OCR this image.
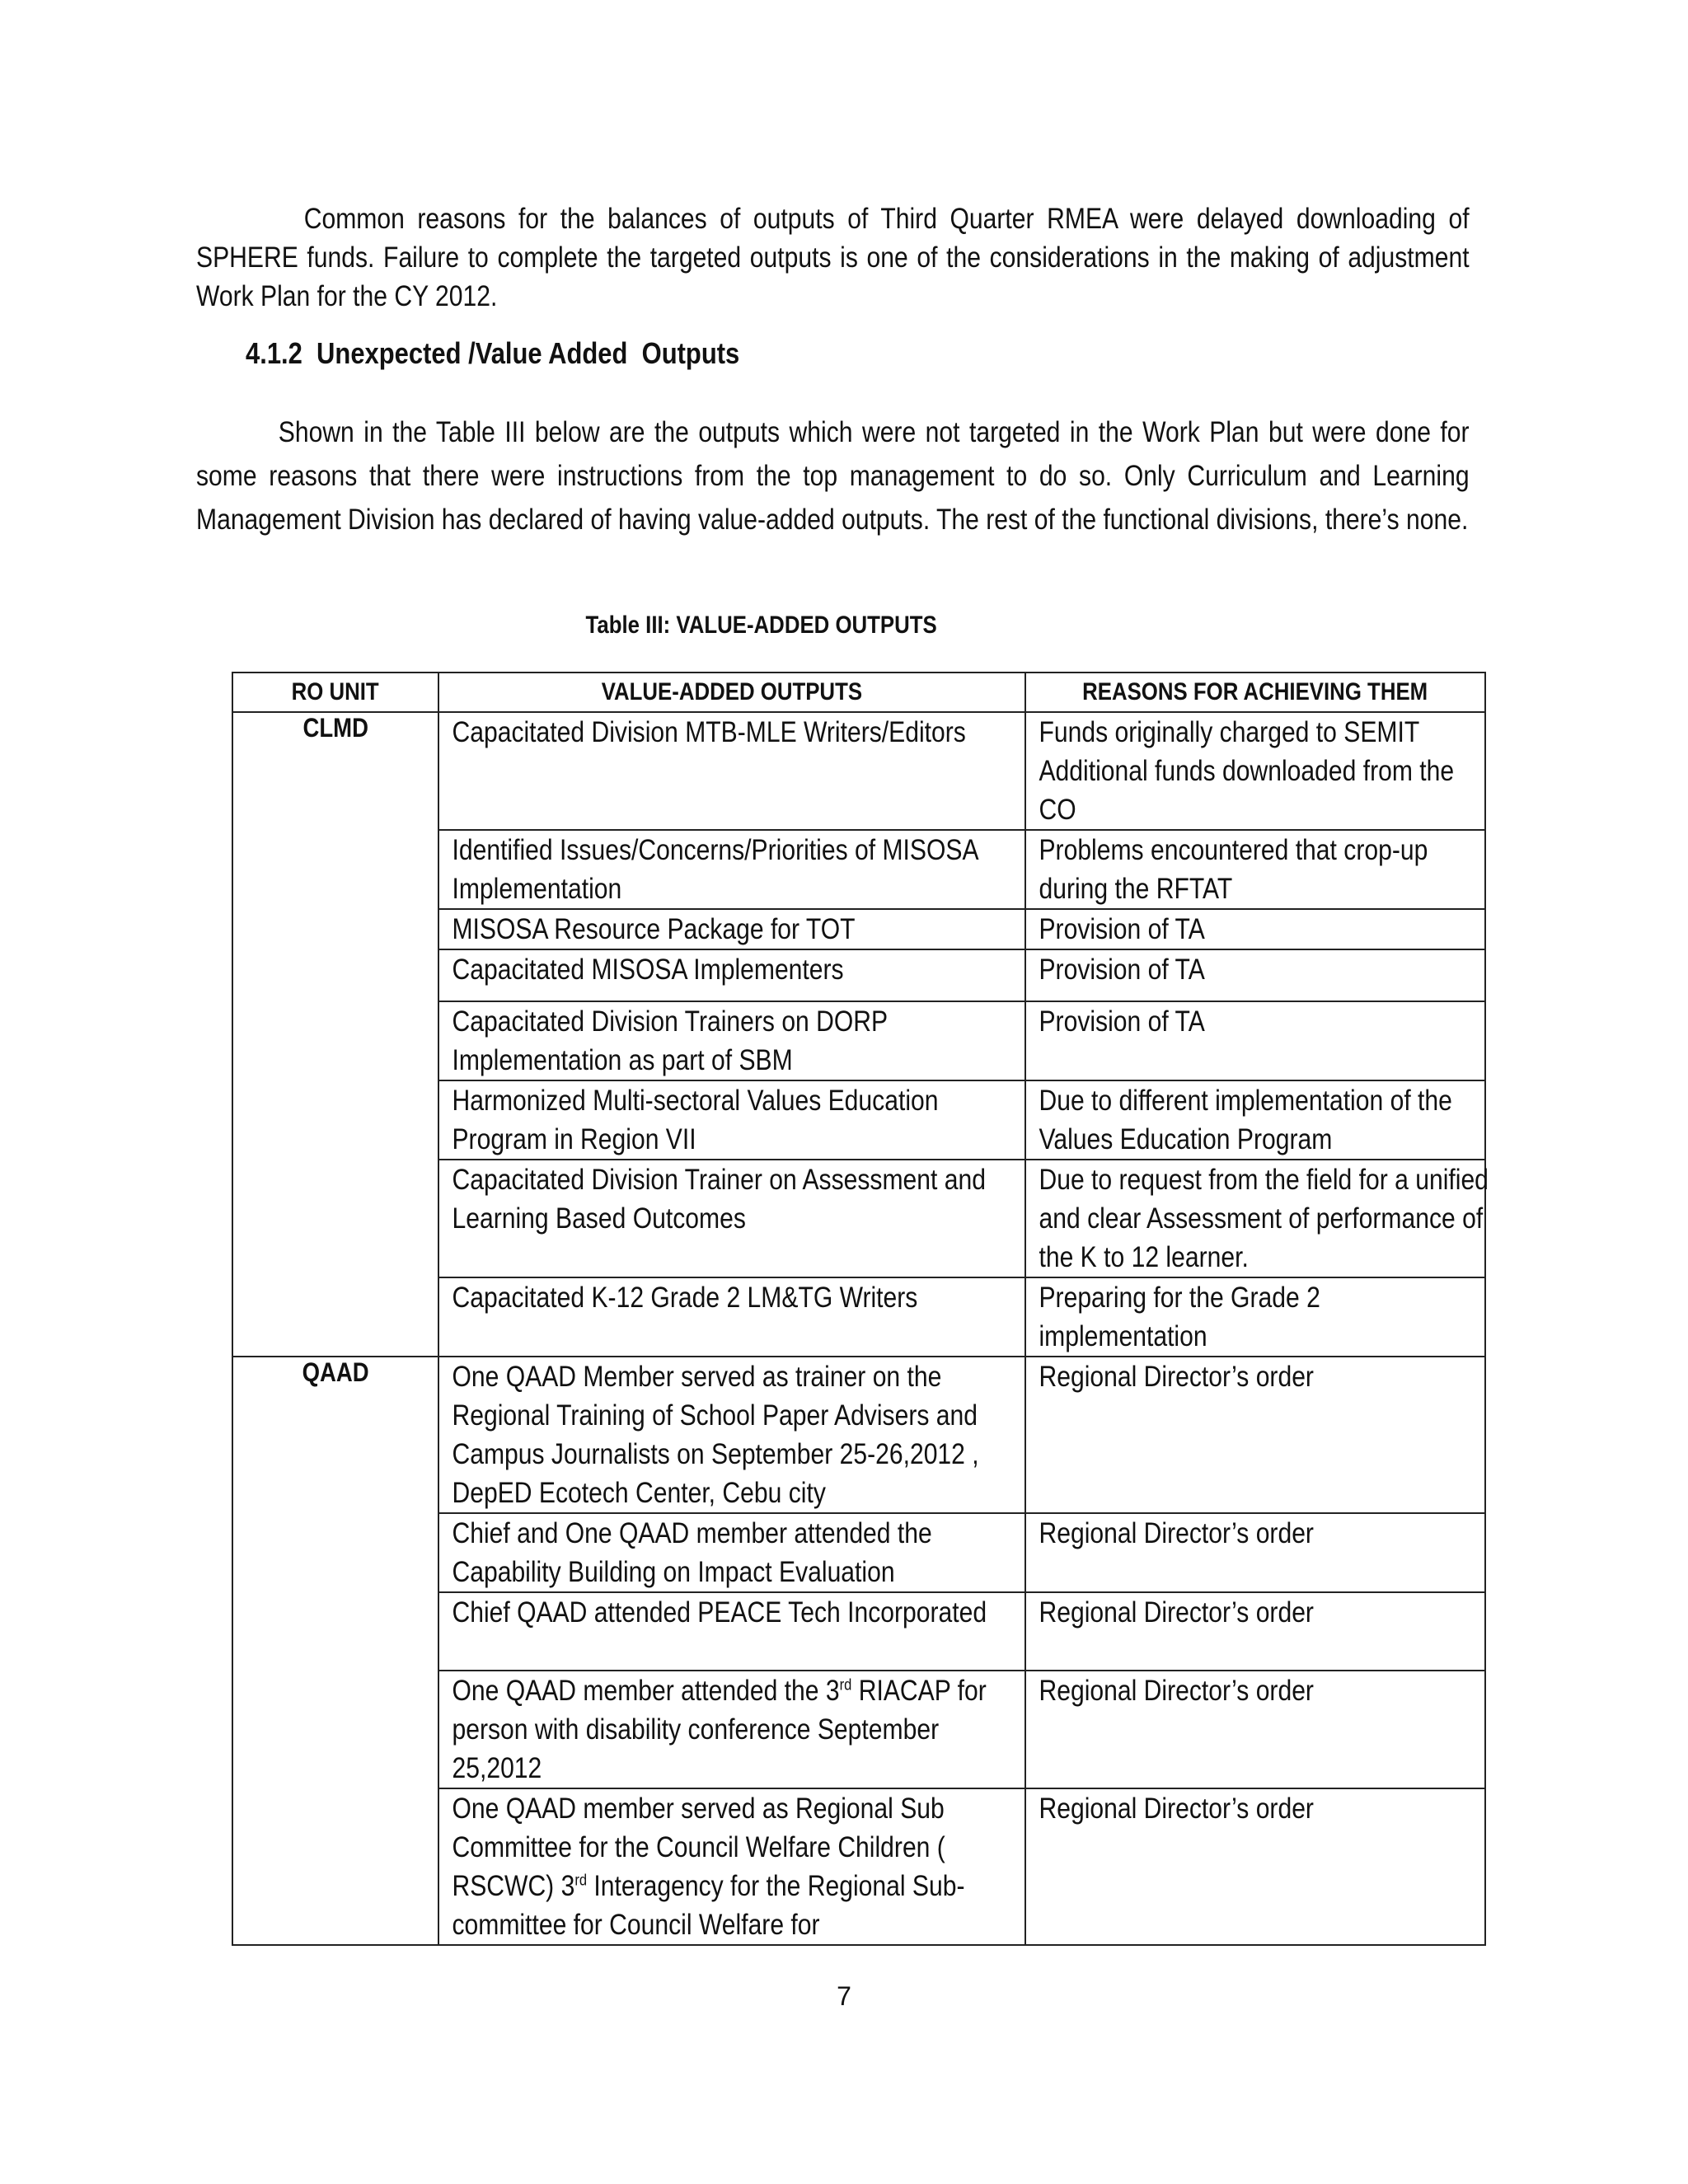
Common reasons for the balances of outputs of Third Quarter RMEA were delayed downloading of SPHERE funds. Failure to complete the targeted outputs is one of the considerations in the making of adjustment Work Plan for the CY 2012.

4.1.2  Unexpected /Value Added  Outputs

Shown in the Table III below are the outputs which were not targeted in the Work Plan but were done for some reasons that there were instructions from the top management to do so. Only Curriculum and Learning Management Division has declared of having value-added outputs. The rest of the functional divisions, there’s none.

Table III: VALUE-ADDED OUTPUTS

RO UNIT	VALUE-ADDED OUTPUTS	REASONS FOR ACHIEVING THEM
CLMD	Capacitated Division MTB-MLE Writers/Editors	Funds originally charged to SEMIT Additional funds downloaded from the CO

	Identified Issues/Concerns/Priorities of MISOSA Implementation	Problems encountered that crop-up during the RFTAT

	MISOSA Resource Package for TOT	Provision of TA

	Capacitated MISOSA Implementers	Provision of TA

	Capacitated Division Trainers on DORP Implementation as part of SBM	Provision of TA

	Harmonized Multi-sectoral Values Education Program in Region VII	Due to different implementation of the Values Education Program

	Capacitated Division Trainer on Assessment and Learning Based Outcomes	Due to request from the field for a unified and clear Assessment of performance of the K to 12 learner.

	Capacitated K-12 Grade 2 LM&TG Writers	Preparing for the Grade 2 implementation

QAAD	One QAAD Member served as trainer on the Regional Training of School Paper Advisers and Campus Journalists on September 25-26,2012 , DepED Ecotech Center, Cebu city	Regional Director’s order

	Chief and One QAAD member attended the Capability Building on Impact Evaluation	Regional Director’s order

	Chief QAAD attended PEACE Tech Incorporated	Regional Director’s order

	One QAAD member attended the 3rd RIACAP for person with disability conference September 25,2012	Regional Director’s order

	One QAAD member served as Regional Sub Committee for the Council Welfare Children ( RSCWC) 3rd Interagency for the Regional Sub- committee for Council Welfare for	Regional Director’s order

7
